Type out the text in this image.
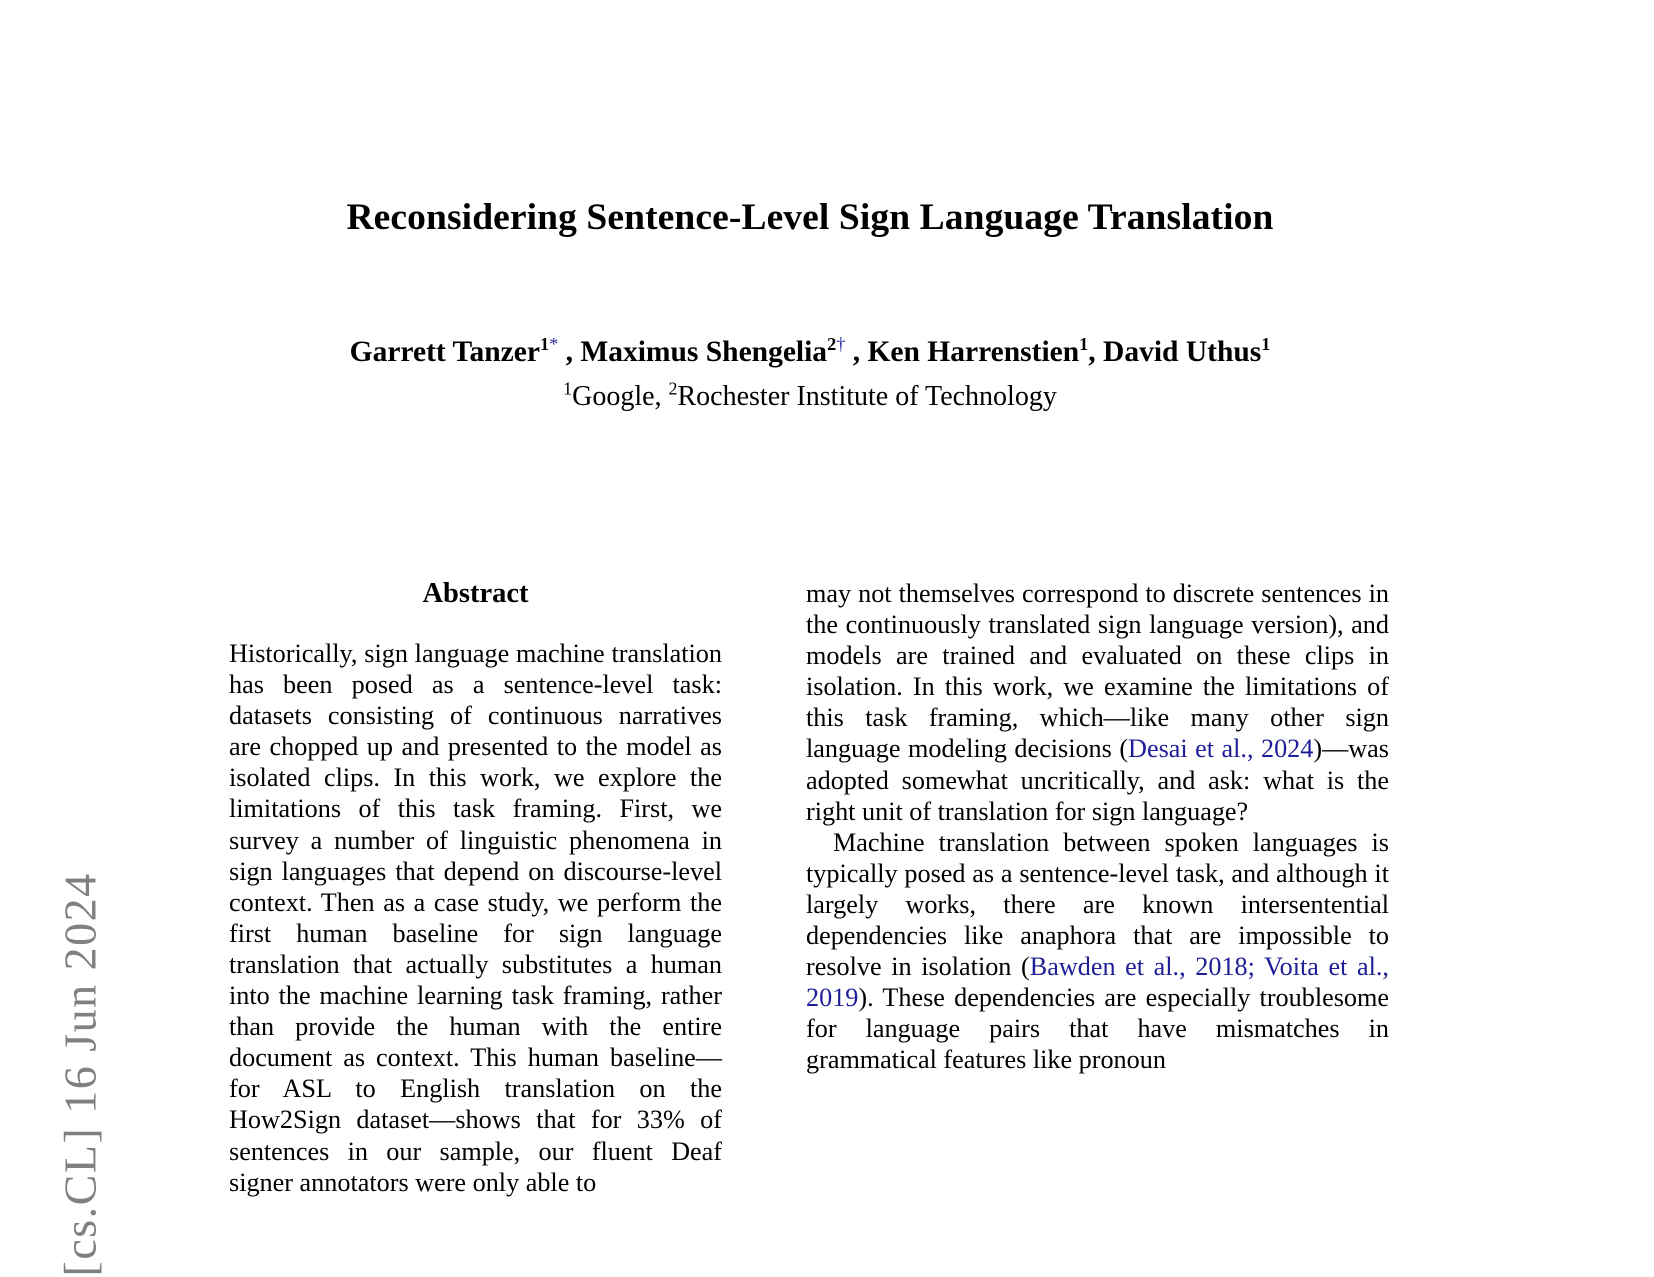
[cs.CL] 16 Jun 2024
Reconsidering Sentence-Level Sign Language Translation
Garrett Tanzer$^{1*}$ , Maximus Shengelia$^{2\dagger}$ , Ken Harrenstien$^1$, David Uthus$^1$
$^1$Google, $^2$Rochester Institute of Technology
Abstract

Historically, sign language machine translation has been posed as a sentence-level task: datasets consisting of continuous narratives are chopped up and presented to the model as isolated clips. In this work, we explore the limitations of this task framing. First, we survey a number of linguistic phenomena in sign languages that depend on discourse-level context. Then as a case study, we perform the first human baseline for sign language translation that actually substitutes a human into the machine learning task framing, rather than provide the human with the entire document as context. This human baseline—for ASL to English translation on the How2Sign dataset—shows that for 33% of sentences in our sample, our fluent Deaf signer annotators were only able to

may not themselves correspond to discrete sentences in the continuously translated sign language version), and models are trained and evaluated on these clips in isolation. In this work, we examine the limitations of this task framing, which—like many other sign language modeling decisions (Desai et al., 2024)—was adopted somewhat uncritically, and ask: what is the right unit of translation for sign language?

Machine translation between spoken languages is typically posed as a sentence-level task, and although it largely works, there are known intersentential dependencies like anaphora that are impossible to resolve in isolation (Bawden et al., 2018; Voita et al., 2019). These dependencies are especially troublesome for language pairs that have mismatches in grammatical features like pronoun
